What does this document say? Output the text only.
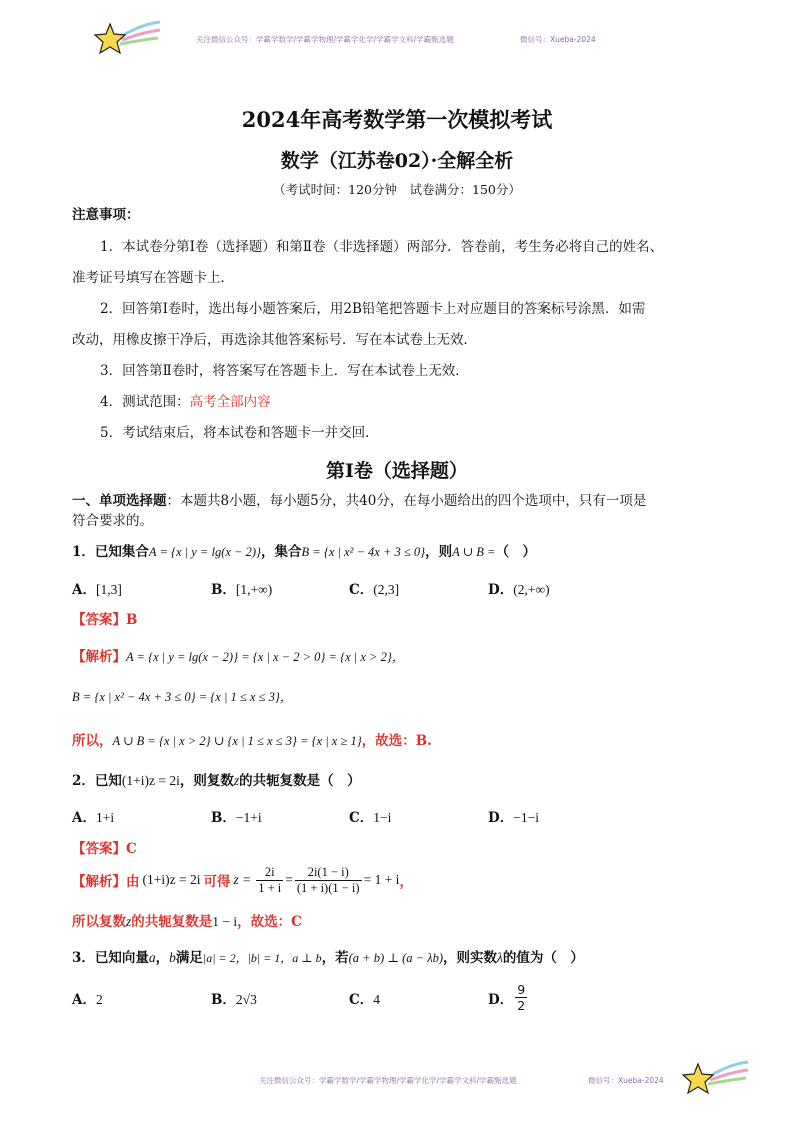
关注微信公众号：学霸学数学/学霸学物理/学霸学化学/学霸学文科/学霸甄选题	微信号：Xueba-2024
2024年高考数学第一次模拟考试
数学（江苏卷02）·全解全析
（考试时间：120分钟　试卷满分：150分）
注意事项：
1．本试卷分第Ⅰ卷（选择题）和第Ⅱ卷（非选择题）两部分．答卷前，考生务必将自己的姓名、
准考证号填写在答题卡上．
2．回答第Ⅰ卷时，选出每小题答案后，用2B铅笔把答题卡上对应题目的答案标号涂黑．如需
改动，用橡皮擦干净后，再选涂其他答案标号．写在本试卷上无效．
3．回答第Ⅱ卷时，将答案写在答题卡上．写在本试卷上无效．
4．测试范围：高考全部内容
5．考试结束后，将本试卷和答题卡一并交回．
第Ⅰ卷（选择题）
一、单项选择题：本题共8小题，每小题5分，共40分，在每小题给出的四个选项中，只有一项是
符合要求的。
1．已知集合A = {x | y = lg(x − 2)}，集合B = {x | x² − 4x + 3 ≤ 0}，则A ∪ B =（　）
A．[1,3]	B．[1,+∞)	C．(2,3]	D．(2,+∞)
【答案】B
【解析】A = {x | y = lg(x − 2)} = {x | x − 2 > 0} = {x | x > 2}，
B = {x | x² − 4x + 3 ≤ 0} = {x | 1 ≤ x ≤ 3}，
所以，A ∪ B = {x | x > 2} ∪ {x | 1 ≤ x ≤ 3} = {x | x ≥ 1}，故选：B.
2．已知(1+i)z = 2i，则复数z的共轭复数是（　）
A．1+i	B．−1+i	C．1−i	D．−1−i
【答案】C
【解析】 由 (1+i)z = 2i 可得 $z = \frac{2i}{1 + i} = \frac{2i(1 - i)}{(1 + i)(1 - i)} = 1 + i$ ，
所以复数z的共轭复数是1 − i，故选：C
3．已知向量a，b满足|a| = 2，|b| = 1，a ⊥ b，若(a + b) ⊥ (a − λb)，则实数λ的值为（　）
A．2	B．2√3	C．4	D． $\frac{9}{2}$
关注微信公众号：学霸学数学/学霸学物理/学霸学化学/学霸学文科/学霸甄选题	微信号：Xueba-2024
